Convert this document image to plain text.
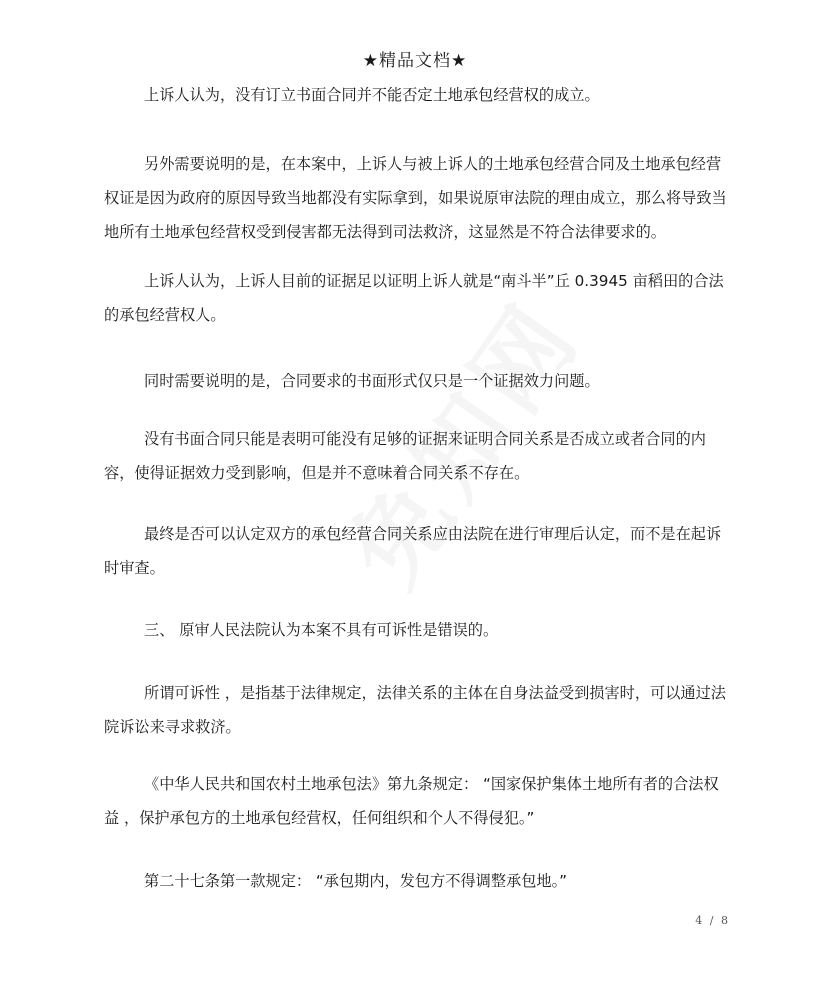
★精品文档★

上诉人认为，没有订立书面合同并不能否定土地承包经营权的成立。

另外需要说明的是，在本案中，上诉人与被上诉人的土地承包经营合同及土地承包经营权证是因为政府的原因导致当地都没有实际拿到，如果说原审法院的理由成立，那么将导致当地所有土地承包经营权受到侵害都无法得到司法救济，这显然是不符合法律要求的。

上诉人认为，上诉人目前的证据足以证明上诉人就是“南斗半”丘 0.3945 亩稻田的合法的承包经营权人。

同时需要说明的是，合同要求的书面形式仅只是一个证据效力问题。

没有书面合同只能是表明可能没有足够的证据来证明合同关系是否成立或者合同的内容，使得证据效力受到影响，但是并不意味着合同关系不存在。

最终是否可以认定双方的承包经营合同关系应由法院在进行审理后认定，而不是在起诉时审查。

三、 原审人民法院认为本案不具有可诉性是错误的。

所谓可诉性 ，是指基于法律规定，法律关系的主体在自身法益受到损害时，可以通过法院诉讼来寻求救济。

《中华人民共和国农村土地承包法》第九条规定： “国家保护集体土地所有者的合法权益 ，保护承包方的土地承包经营权，任何组织和个人不得侵犯。”

第二十七条第一款规定： “承包期内，发包方不得调整承包地。”

4 / 8
